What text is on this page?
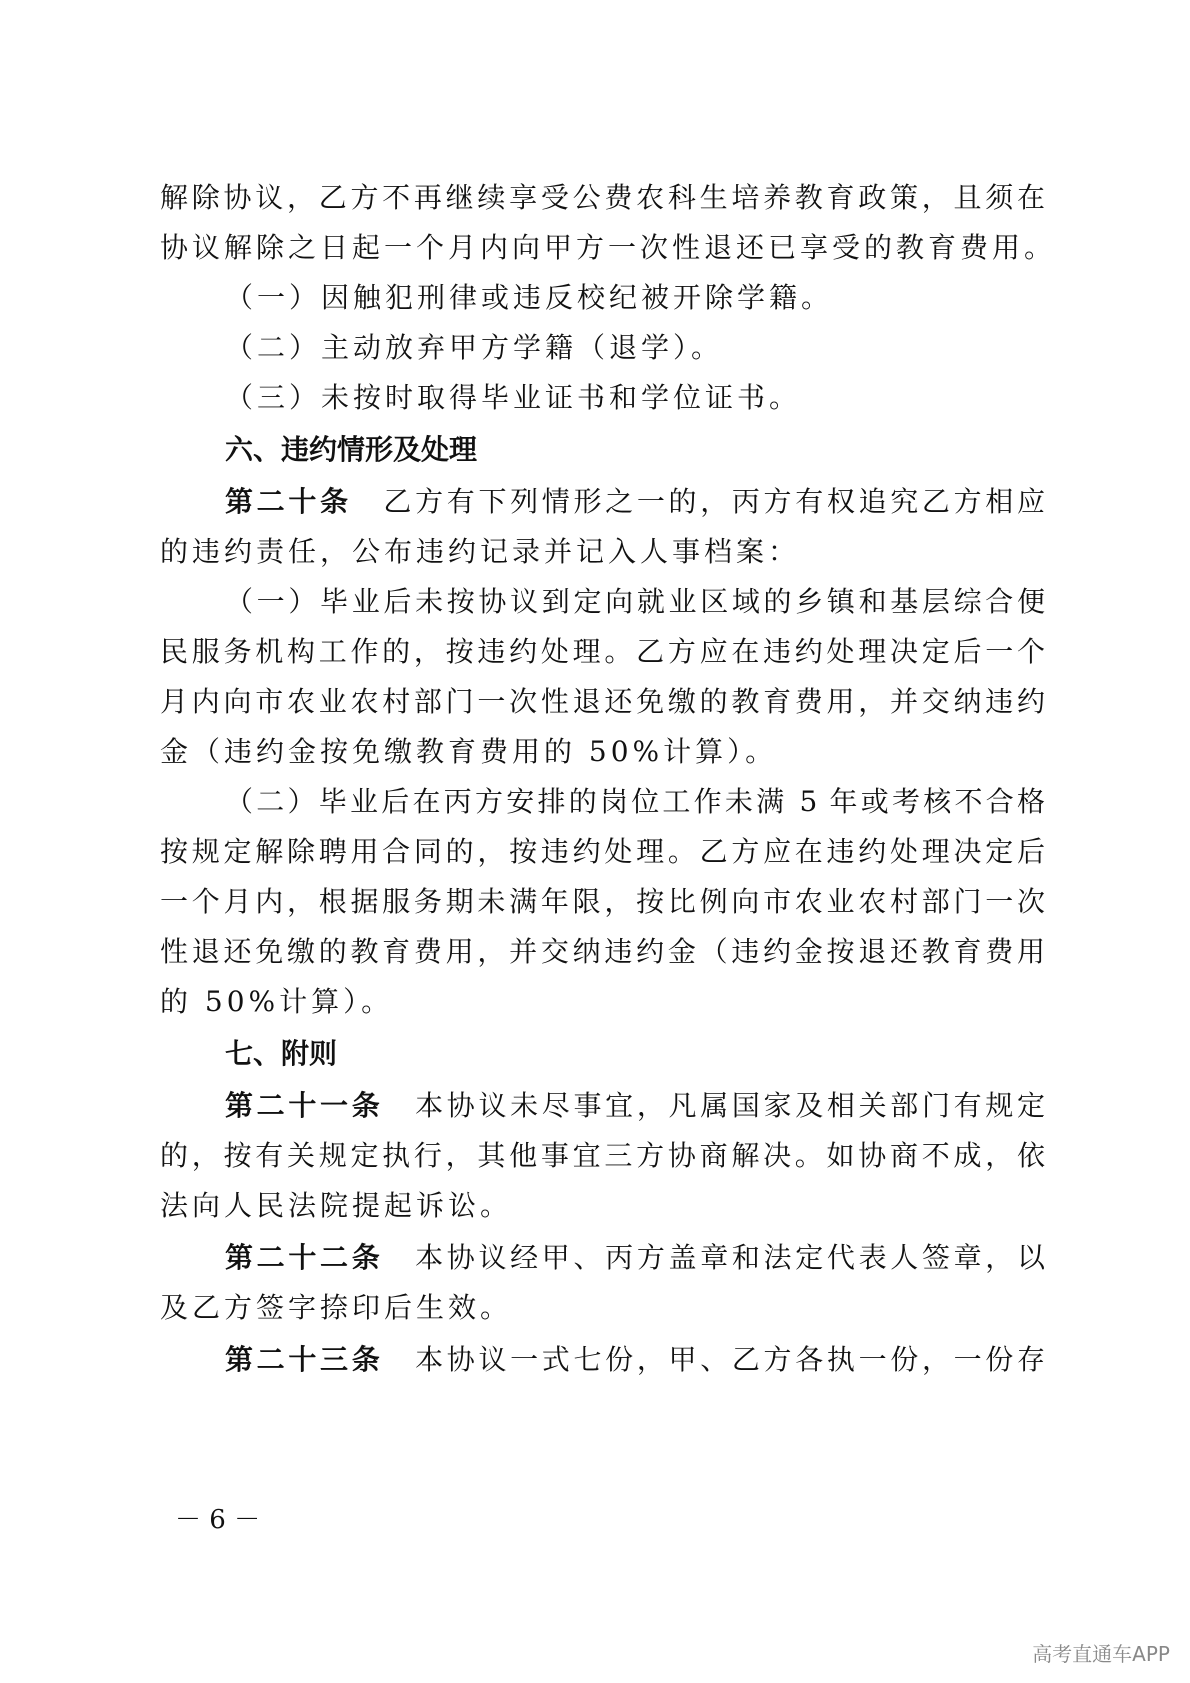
解除协议，乙方不再继续享受公费农科生培养教育政策，且须在
协议解除之日起一个月内向甲方一次性退还已享受的教育费用。
（一）因触犯刑律或违反校纪被开除学籍。
（二）主动放弃甲方学籍（退学）。
（三）未按时取得毕业证书和学位证书。
六、违约情形及处理
第二十条　 乙方有下列情形之一的，丙方有权追究乙方相应
的违约责任，公布违约记录并记入人事档案：
（一）毕业后未按协议到定向就业区域的乡镇和基层综合便
民服务机构工作的，按违约处理。乙方应在违约处理决定后一个
月内向市农业农村部门一次性退还免缴的教育费用，并交纳违约
金（违约金按免缴教育费用的 50%计算）。
（二）毕业后在丙方安排的岗位工作未满 5 年或考核不合格
按规定解除聘用合同的，按违约处理。乙方应在违约处理决定后
一个月内，根据服务期未满年限，按比例向市农业农村部门一次
性退还免缴的教育费用，并交纳违约金（违约金按退还教育费用
的 50%计算）。
七、附则
第二十一条　 本协议未尽事宜，凡属国家及相关部门有规定
的，按有关规定执行，其他事宜三方协商解决。如协商不成，依
法向人民法院提起诉讼。
第二十二条　 本协议经甲、丙方盖章和法定代表人签章，以
及乙方签字捺印后生效。
第二十三条　 本协议一式七份，甲、乙方各执一份，一份存
－ 6 －
高考直通车APP
